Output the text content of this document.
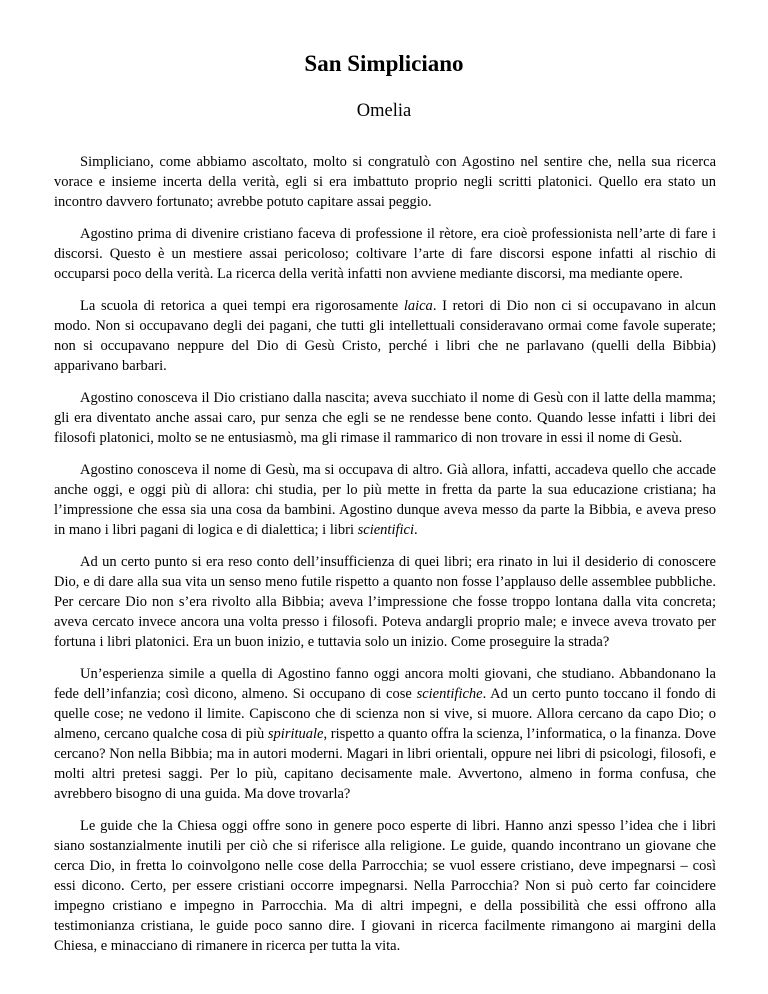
San Simpliciano
Omelia

Simpliciano, come abbiamo ascoltato, molto si congratulò con Agostino nel sentire che, nella sua ricerca vorace e insieme incerta della verità, egli si era imbattuto proprio negli scritti platonici. Quello era stato un incontro davvero fortunato; avrebbe potuto capitare assai peggio.

Agostino prima di divenire cristiano faceva di professione il rètore, era cioè professionista nell’arte di fare i discorsi. Questo è un mestiere assai pericoloso; coltivare l’arte di fare discorsi espone infatti al rischio di occuparsi poco della verità. La ricerca della verità infatti non avviene mediante discorsi, ma mediante opere.

La scuola di retorica a quei tempi era rigorosamente laica. I retori di Dio non ci si occupavano in alcun modo. Non si occupavano degli dei pagani, che tutti gli intellettuali consideravano ormai come favole superate; non si occupavano neppure del Dio di Gesù Cristo, perché i libri che ne parlavano (quelli della Bibbia) apparivano barbari.

Agostino conosceva il Dio cristiano dalla nascita; aveva succhiato il nome di Gesù con il latte della mamma; gli era diventato anche assai caro, pur senza che egli se ne rendesse bene conto. Quando lesse infatti i libri dei filosofi platonici, molto se ne entusiasmò, ma gli rimase il rammarico di non trovare in essi il nome di Gesù.

Agostino conosceva il nome di Gesù, ma si occupava di altro. Già allora, infatti, accadeva quello che accade anche oggi, e oggi più di allora: chi studia, per lo più mette in fretta da parte la sua educazione cristiana; ha l’impressione che essa sia una cosa da bambini. Agostino dunque aveva messo da parte la Bibbia, e aveva preso in mano i libri pagani di logica e di dialettica; i libri scientifici.

Ad un certo punto si era reso conto dell’insufficienza di quei libri; era rinato in lui il desiderio di conoscere Dio, e di dare alla sua vita un senso meno futile rispetto a quanto non fosse l’applauso delle assemblee pubbliche. Per cercare Dio non s’era rivolto alla Bibbia; aveva l’impressione che fosse troppo lontana dalla vita concreta; aveva cercato invece ancora una volta presso i filosofi. Poteva andargli proprio male; e invece aveva trovato per fortuna i libri platonici. Era un buon inizio, e tuttavia solo un inizio. Come proseguire la strada?

Un’esperienza simile a quella di Agostino fanno oggi ancora molti giovani, che studiano. Abbandonano la fede dell’infanzia; così dicono, almeno. Si occupano di cose scientifiche. Ad un certo punto toccano il fondo di quelle cose; ne vedono il limite. Capiscono che di scienza non si vive, si muore. Allora cercano da capo Dio; o almeno, cercano qualche cosa di più spirituale, rispetto a quanto offra la scienza, l’informatica, o la finanza. Dove cercano? Non nella Bibbia; ma in autori moderni. Magari in libri orientali, oppure nei libri di psicologi, filosofi, e molti altri pretesi saggi. Per lo più, capitano decisamente male. Avvertono, almeno in forma confusa, che avrebbero bisogno di una guida. Ma dove trovarla?

Le guide che la Chiesa oggi offre sono in genere poco esperte di libri. Hanno anzi spesso l’idea che i libri siano sostanzialmente inutili per ciò che si riferisce alla religione. Le guide, quando incontrano un giovane che cerca Dio, in fretta lo coinvolgono nelle cose della Parrocchia; se vuol essere cristiano, deve impegnarsi – così essi dicono. Certo, per essere cristiani occorre impegnarsi. Nella Parrocchia? Non si può certo far coincidere impegno cristiano e impegno in Parrocchia. Ma di altri impegni, e della possibilità che essi offrono alla testimonianza cristiana, le guide poco sanno dire. I giovani in ricerca facilmente rimangono ai margini della Chiesa, e minacciano di rimanere in ricerca per tutta la vita.
